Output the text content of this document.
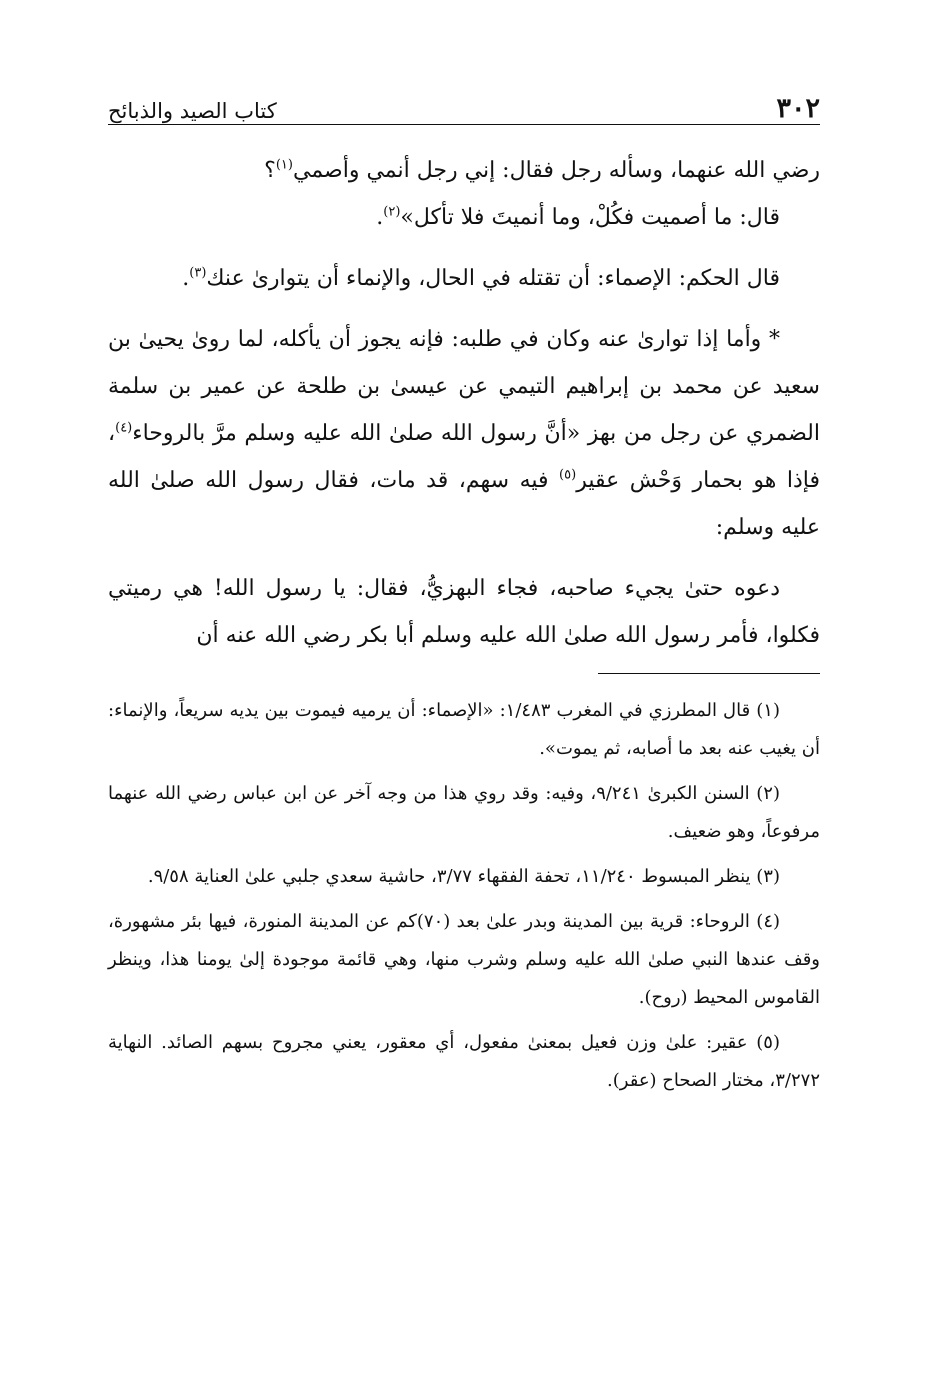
٣٠٢
كتاب الصيد والذبائح

رضي الله عنهما، وسأله رجل فقال: إني رجل أنمي وأصمي$^{(١)}$؟

قال: ما أصميت فكُلْ، وما أنميتَ فلا تأكل»$^{(٢)}$.

قال الحكم: الإصماء: أن تقتله في الحال، والإنماء أن يتوارىٰ عنك$^{(٣)}$.

* وأما إذا توارىٰ عنه وكان في طلبه: فإنه يجوز أن يأكله، لما روىٰ يحيىٰ بن سعيد عن محمد بن إبراهيم التيمي عن عيسىٰ بن طلحة عن عمير بن سلمة الضمري عن رجل من بهز «أنَّ رسول الله صلىٰ الله عليه وسلم مرَّ بالروحاء$^{(٤)}$، فإذا هو بحمار وَحْش عقير$^{(٥)}$ فيه سهم، قد مات، فقال رسول الله صلىٰ الله عليه وسلم:

دعوه حتىٰ يجيء صاحبه، فجاء البهزيُّ، فقال: يا رسول الله! هي رميتي فكلوا، فأمر رسول الله صلىٰ الله عليه وسلم أبا بكر رضي الله عنه أن

(١) قال المطرزي في المغرب ١/٤٨٣: «الإصماء: أن يرميه فيموت بين يديه سريعاً، والإنماء: أن يغيب عنه بعد ما أصابه، ثم يموت».

(٢) السنن الكبرىٰ ٩/٢٤١، وفيه: وقد روي هذا من وجه آخر عن ابن عباس رضي الله عنهما مرفوعاً، وهو ضعيف.

(٣) ينظر المبسوط ١١/٢٤٠، تحفة الفقهاء ٣/٧٧، حاشية سعدي جلبي علىٰ العناية ٩/٥٨.

(٤) الروحاء: قرية بين المدينة وبدر علىٰ بعد (٧٠)كم عن المدينة المنورة، فيها بئر مشهورة، وقف عندها النبي صلىٰ الله عليه وسلم وشرب منها، وهي قائمة موجودة إلىٰ يومنا هذا، وينظر القاموس المحيط (روح).

(٥) عقير: علىٰ وزن فعيل بمعنىٰ مفعول، أي معقور، يعني مجروح بسهم الصائد. النهاية ٣/٢٧٢، مختار الصحاح (عقر).
